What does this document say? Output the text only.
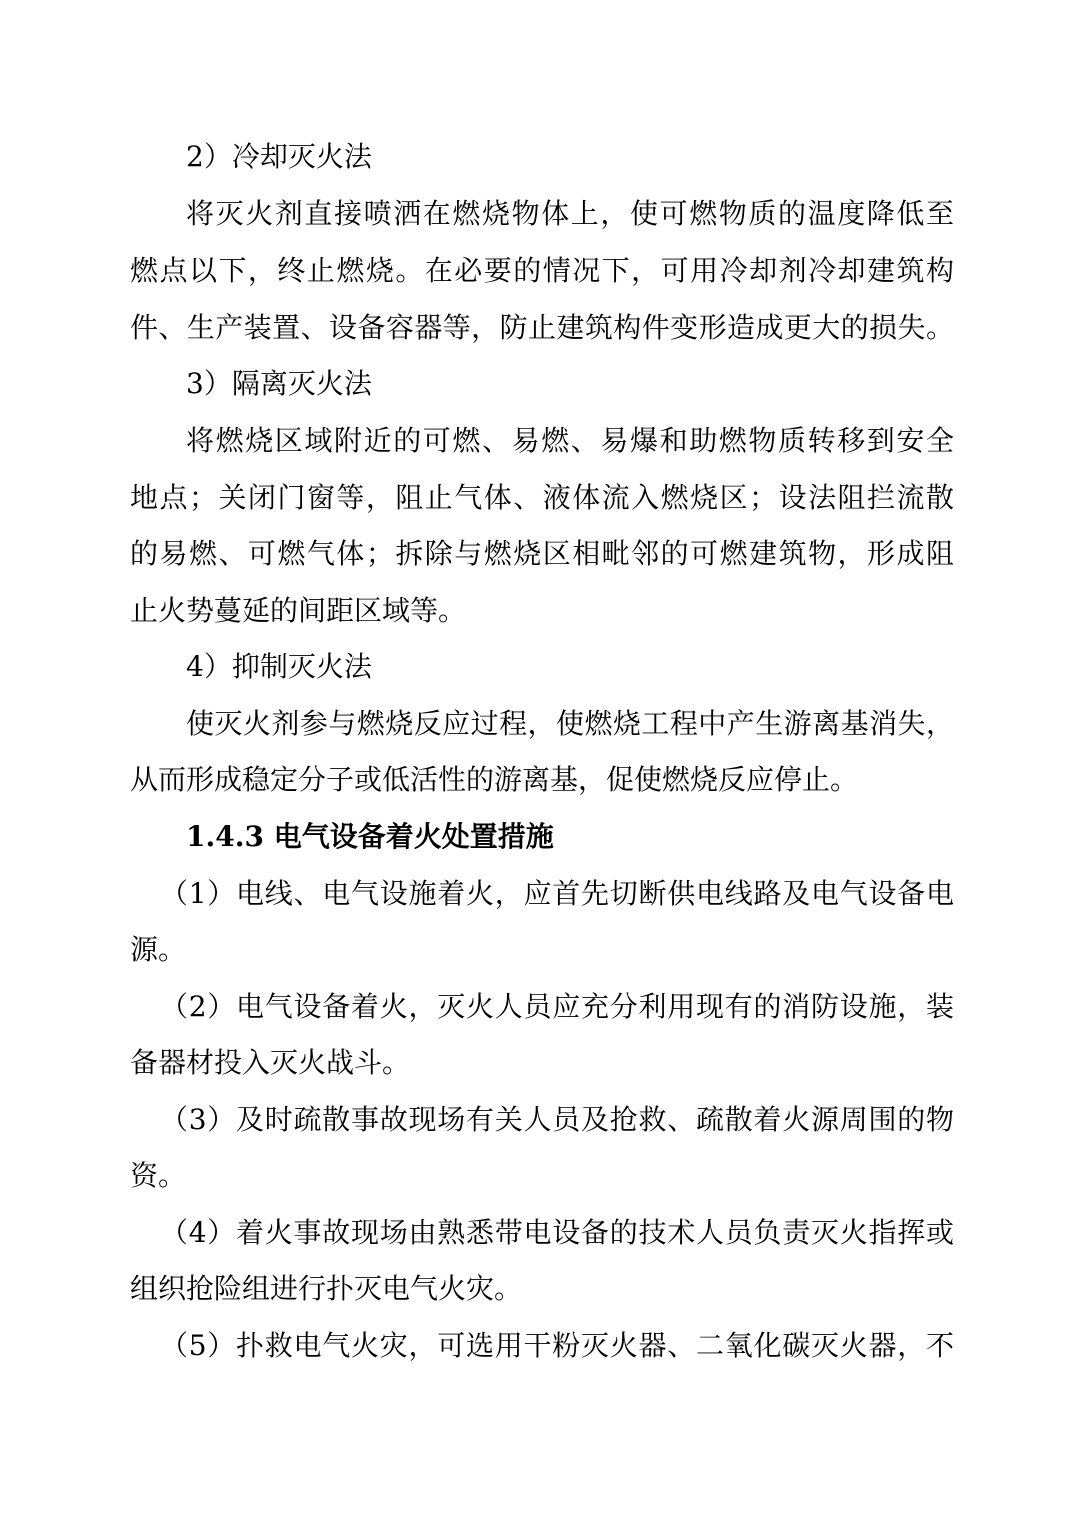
2）冷却灭火法
将灭火剂直接喷洒在燃烧物体上，使可燃物质的温度降低至
燃点以下，终止燃烧。在必要的情况下，可用冷却剂冷却建筑构
件、生产装置、设备容器等，防止建筑构件变形造成更大的损失。
3）隔离灭火法
将燃烧区域附近的可燃、易燃、易爆和助燃物质转移到安全
地点；关闭门窗等，阻止气体、液体流入燃烧区；设法阻拦流散
的易燃、可燃气体；拆除与燃烧区相毗邻的可燃建筑物，形成阻
止火势蔓延的间距区域等。
4）抑制灭火法
使灭火剂参与燃烧反应过程，使燃烧工程中产生游离基消失，
从而形成稳定分子或低活性的游离基，促使燃烧反应停止。
1.4.3 电气设备着火处置措施
（1）电线、电气设施着火，应首先切断供电线路及电气设备电
源。
（2）电气设备着火，灭火人员应充分利用现有的消防设施，装
备器材投入灭火战斗。
（3）及时疏散事故现场有关人员及抢救、疏散着火源周围的物
资。
（4）着火事故现场由熟悉带电设备的技术人员负责灭火指挥或
组织抢险组进行扑灭电气火灾。
（5）扑救电气火灾，可选用干粉灭火器、二氧化碳灭火器，不
